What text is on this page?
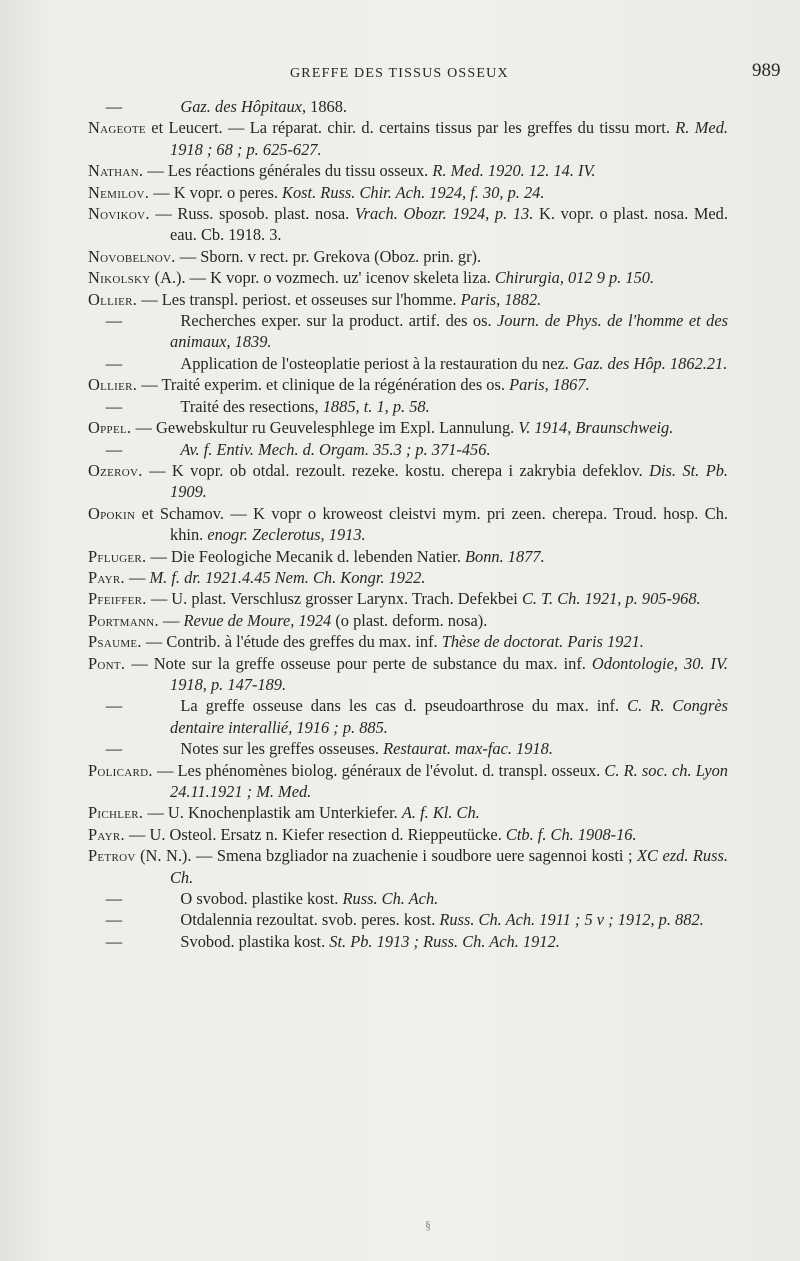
GREFFE DES TISSUS OSSEUX	989
— 	Gaz. des Hôpitaux, 1868.
Nageote et Leucert. — La réparat. chir. d. certains tissus par les greffes du tissu mort. R. Med. 1918 ; 68 ; p. 625-627.
Nathan. — Les réactions générales du tissu osseux. R. Med. 1920. 12. 14. IV.
Nemilov. — K vopr. o peres. Kost. Russ. Chir. Ach. 1924, f. 30, p. 24.
Novikov. — Russ. sposob. plast. nosa. Vrach. Obozr. 1924, p. 13. K. vopr. o plast. nosa. Med. eau. Cb. 1918. 3.
Novobelnov. — Sborn. v rect. pr. Grekova (Oboz. prin. gr).
Nikolsky (A.). — K vopr. o vozmech. uz' icenov skeleta liza. Chirurgia, 012 9 p. 150.
Ollier. — Les transpl. periost. et osseuses sur l'homme. Paris, 1882.
— 	Recherches exper. sur la product. artif. des os. Journ. de Phys. de l'homme et des animaux, 1839.
— 	Application de l'osteoplatie periost à la restauration du nez. Gaz. des Hôp. 1862.21.
Ollier. — Traité experim. et clinique de la régénération des os. Paris, 1867.
— 	Traité des resections, 1885, t. 1, p. 58.
Oppel. — Gewebskultur ru Geuvelesphlege im Expl. Lannulung. V. 1914, Braunschweig.
— 	Av. f. Entiv. Mech. d. Orgam. 35.3 ; p. 371-456.
Ozerov. — K vopr. ob otdal. rezoult. rezeke. kostu. cherepa i zakrybia defeklov. Dis. St. Pb. 1909.
Opokin et Schamov. — K vopr o kroweost cleistvi mym. pri zeen. cherepa. Troud. hosp. Ch. khin. enogr. Zeclerotus, 1913.
Pfluger. — Die Feologiche Mecanik d. lebenden Natier. Bonn. 1877.
Payr. — M. f. dr. 1921.4.45 Nem. Ch. Kongr. 1922.
Pfeiffer. — U. plast. Verschlusz grosser Larynx. Trach. Defekbei C. T. Ch. 1921, p. 905-968.
Portmann. — Revue de Moure, 1924 (o plast. deform. nosa).
Psaume. — Contrib. à l'étude des greffes du max. inf. Thèse de doctorat. Paris 1921.
Pont. — Note sur la greffe osseuse pour perte de substance du max. inf. Odontologie, 30. IV. 1918, p. 147-189.
— 	La greffe osseuse dans les cas d. pseudoarthrose du max. inf. C. R. Congrès dentaire interallié, 1916 ; p. 885.
— 	Notes sur les greffes osseuses. Restaurat. max-fac. 1918.
Policard. — Les phénomènes biolog. généraux de l'évolut. d. transpl. osseux. C. R. soc. ch. Lyon 24.11.1921 ; M. Med.
Pichler. — U. Knochenplastik am Unterkiefer. A. f. Kl. Ch.
Payr. — U. Osteol. Ersatz n. Kiefer resection d. Rieppeutücke. Ctb. f. Ch. 1908-16.
Petrov (N. N.). — Smena bzgliador na zuachenie i soudbore uere sagennoi kosti ; XC ezd. Russ. Ch.
— 	O svobod. plastike kost. Russ. Ch. Ach.
— 	Otdalennia rezoultat. svob. peres. kost. Russ. Ch. Ach. 1911 ; 5 v ; 1912, p. 882.
— 	Svobod. plastika kost. St. Pb. 1913 ; Russ. Ch. Ach. 1912.
§
